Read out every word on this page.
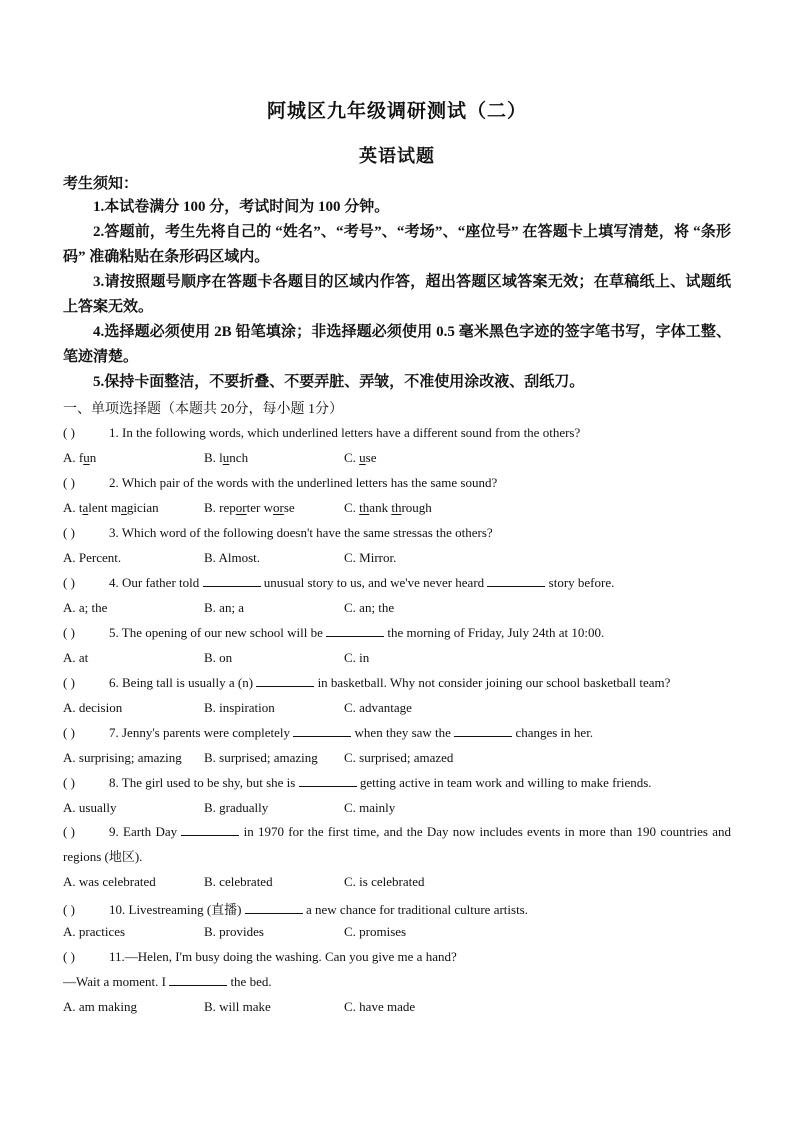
阿城区九年级调研测试（二）
英语试题
考生须知：
1.本试卷满分 100 分，考试时间为 100 分钟。
2.答题前，考生先将自己的 “姓名”、“考号”、“考场”、“座位号” 在答题卡上填写清楚，将 “条形码” 准确粘贴在条形码区域内。
3.请按照题号顺序在答题卡各题目的区域内作答，超出答题区域答案无效；在草稿纸上、试题纸上答案无效。
4.选择题必须使用 2B 铅笔填涂；非选择题必须使用 0.5 毫米黑色字迹的签字笔书写，字体工整、笔迹清楚。
5.保持卡面整洁，不要折叠、不要弄脏、弄皱，不准使用涂改液、刮纸刀。
一、单项选择题（本题共 20分，每小题 1分）
( )	1. In the following words, which underlined letters have a different sound from the others?
A. fun	B. lunch	C. use
( )	2. Which pair of the words with the underlined letters has the same sound?
A. talent magician	B. reporter worse	C. thank through
( )	3. Which word of the following doesn't have the same stressas the others?
A. Percent.	B. Almost.	C. Mirror.
( )	4. Our father told	unusual story to us, and we've never heard	story before.
A. a; the	B. an; a	C. an; the
( )	5. The opening of our new school will be	the morning of Friday, July 24th at 10:00.
A. at	B. on	C. in
( )	6. Being tall is usually a (n)	in basketball. Why not consider joining our school basketball team?
A. decision	B. inspiration	C. advantage
( )	7. Jenny's parents were completely	when they saw the	changes in her.
A. surprising; amazing B. surprised; amazing C. surprised; amazed
( )	8. The girl used to be shy, but she is	getting active in team work and willing to make friends.
A. usually	B. gradually	C. mainly
( )	9. Earth Day	in 1970 for the first time, and the Day now includes events in more than 190 countries and regions (地区).
A. was celebrated	B. celebrated	C. is celebrated
( )	10. Livestreaming (直播)	a new chance for traditional culture artists.
A. practices	B. provides	C. promises
( )	11.—Helen, I'm busy doing the washing. Can you give me a hand?
—Wait a moment. I	the bed.
A. am making	B. will make	C. have made
